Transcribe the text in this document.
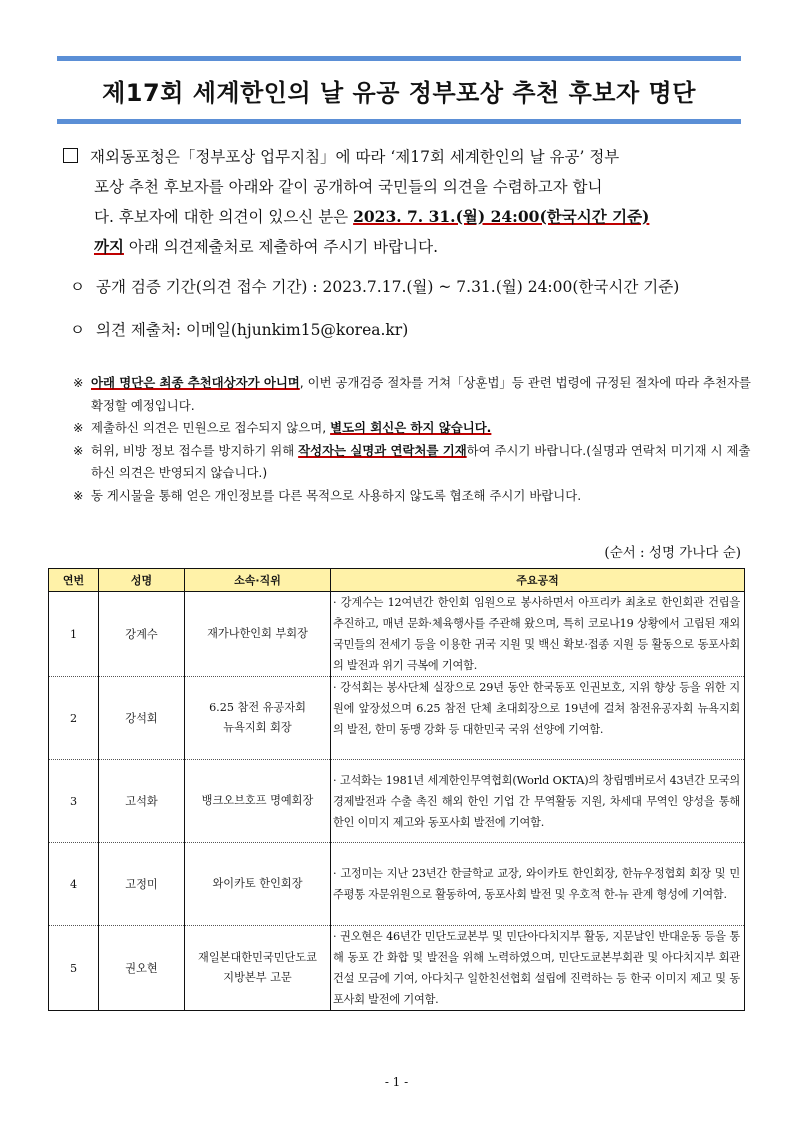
제17회 세계한인의 날 유공 정부포상 추천 후보자 명단
재외동포청은「정부포상 업무지침」에 따라 ‘제17회 세계한인의 날 유공’ 정부
포상 추천 후보자를 아래와 같이 공개하여 국민들의 의견을 수렴하고자 합니
다. 후보자에 대한 의견이 있으신 분은 2023. 7. 31.(월) 24:00(한국시간 기준)
까지 아래 의견제출처로 제출하여 주시기 바랍니다.
ㅇ 공개 검증 기간(의견 접수 기간) : 2023.7.17.(월) ~ 7.31.(월) 24:00(한국시간 기준)
ㅇ 의견 제출처: 이메일(hjunkim15@korea.kr)
※ 아래 명단은 최종 추천대상자가 아니며, 이번 공개검증 절차를 거쳐「상훈법」등 관련 법령에 규정된 절차에 따라 추천자를 확정할 예정입니다.
※ 제출하신 의견은 민원으로 접수되지 않으며, 별도의 회신은 하지 않습니다.
※ 허위, 비방 정보 접수를 방지하기 위해 작성자는 실명과 연락처를 기재하여 주시기 바랍니다.(실명과 연락처 미기재 시 제출하신 의견은 반영되지 않습니다.)
※ 동 게시물을 통해 얻은 개인정보를 다른 목적으로 사용하지 않도록 협조해 주시기 바랍니다.
(순서 : 성명 가나다 순)
연번	성명	소속·직위	주요공적
1	강계수	재가나한인회 부회장	· 강계수는 12여년간 한인회 임원으로 봉사하면서 아프리카 최초로 한인회관 건립을 추진하고, 매년 문화·체육행사를 주관해 왔으며, 특히 코로나19 상황에서 고립된 재외국민들의 전세기 등을 이용한 귀국 지원 및 백신 확보·접종 지원 등 활동으로 동포사회의 발전과 위기 극복에 기여함.
2	강석회	6.25 참전 유공자회
뉴욕지회 회장	· 강석회는 봉사단체 실장으로 29년 동안 한국동포 인권보호, 지위 향상 등을 위한 지원에 앞장섰으며 6.25 참전 단체 초대회장으로 19년에 걸쳐 참전유공자회 뉴욕지회의 발전, 한미 동맹 강화 등 대한민국 국위 선양에 기여함.
3	고석화	뱅크오브호프 명예회장	· 고석화는 1981년 세계한인무역협회(World OKTA)의 창립멤버로서 43년간 모국의 경제발전과 수출 촉진 해외 한인 기업 간 무역활동 지원, 차세대 무역인 양성을 통해 한인 이미지 제고와 동포사회 발전에 기여함.
4	고정미	와이카토 한인회장	· 고정미는 지난 23년간 한글학교 교장, 와이카토 한인회장, 한뉴우정협회 회장 및 민주평통 자문위원으로 활동하여, 동포사회 발전 및 우호적 한-뉴 관계 형성에 기여함.
5	권오현	재일본대한민국민단도쿄
지방본부 고문	· 권오현은 46년간 민단도쿄본부 및 민단아다치지부 활동, 지문날인 반대운동 등을 통해 동포 간 화합 및 발전을 위해 노력하였으며, 민단도쿄본부회관 및 아다치지부 회관 건설 모금에 기여, 아다치구 일한친선협회 설립에 진력하는 등 한국 이미지 제고 및 동포사회 발전에 기여함.
- 1 -
